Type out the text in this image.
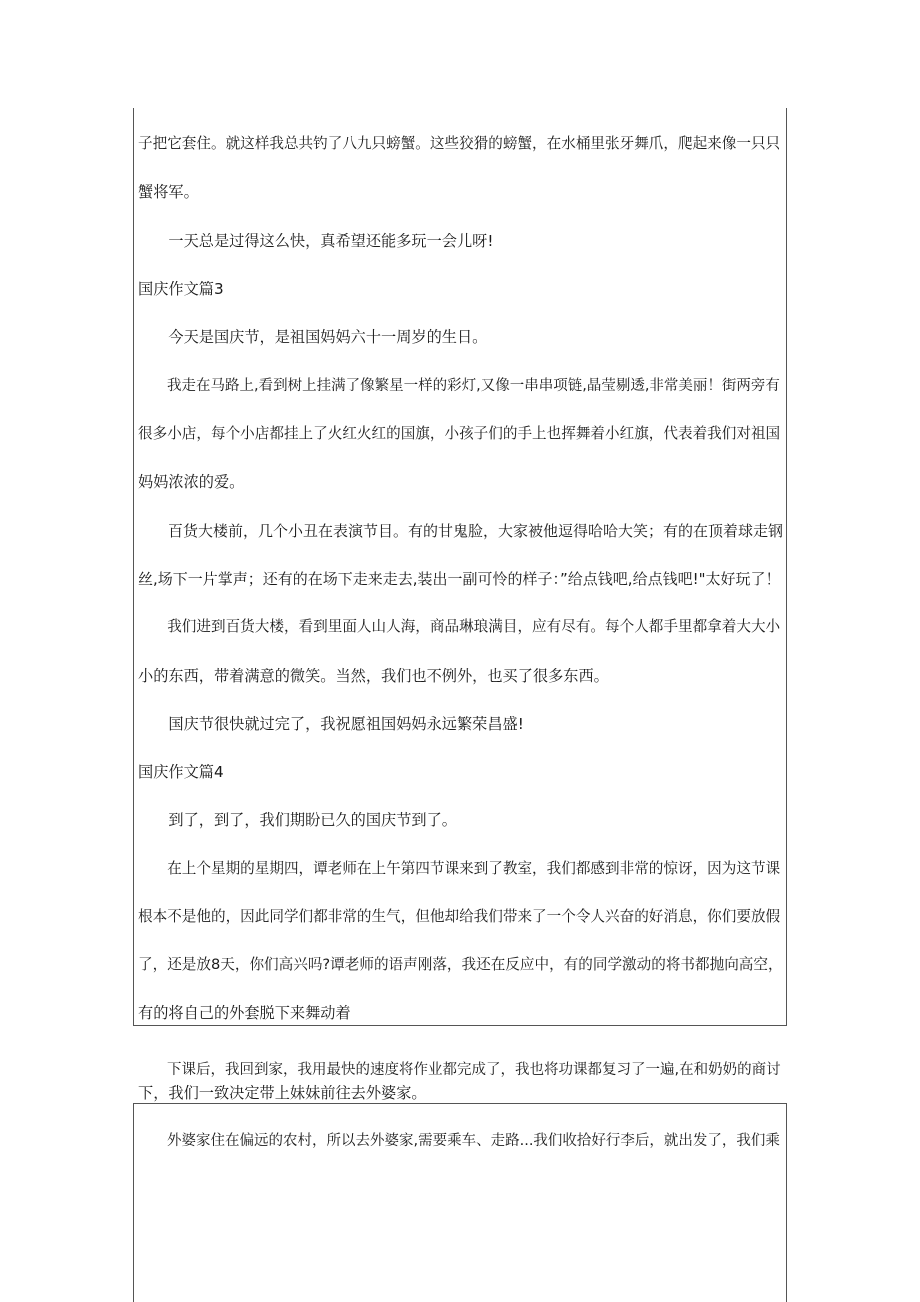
子把它套住。就这样我总共钓了八九只螃蟹。这些狡猾的螃蟹，在水桶里张牙舞爪，爬起来像一只只
蟹将军。
　　一天总是过得这么快，真希望还能多玩一会儿呀!
国庆作文篇3
　　今天是国庆节，是祖国妈妈六十一周岁的生日。
　　我走在马路上,看到树上挂满了像繁星一样的彩灯,又像一串串项链,晶莹剔透,非常美丽！街两旁有
很多小店，每个小店都挂上了火红火红的国旗，小孩子们的手上也挥舞着小红旗，代表着我们对祖国
妈妈浓浓的爱。
　　百货大楼前，几个小丑在表演节目。有的甘鬼脸，大家被他逗得哈哈大笑；有的在顶着球走钢
丝,场下一片掌声；还有的在场下走来走去,装出一副可怜的样子：”给点钱吧,给点钱吧!"太好玩了！
　　我们进到百货大楼，看到里面人山人海，商品琳琅满目，应有尽有。每个人都手里都拿着大大小
小的东西，带着满意的微笑。当然，我们也不例外，也买了很多东西。
　　国庆节很快就过完了，我祝愿祖国妈妈永远繁荣昌盛!
国庆作文篇4
　　到了，到了，我们期盼已久的国庆节到了。
　　在上个星期的星期四，谭老师在上午第四节课来到了教室，我们都感到非常的惊讶，因为这节课
根本不是他的，因此同学们都非常的生气，但他却给我们带来了一个令人兴奋的好消息，你们要放假
了，还是放8天，你们高兴吗?谭老师的语声刚落，我还在反应中，有的同学激动的将书都抛向高空，
有的将自己的外套脱下来舞动着
　　下课后，我回到家，我用最快的速度将作业都完成了，我也将功课都复习了一遍,在和奶奶的商讨
下，我们一致决定带上妹妹前往去外婆家。
　　外婆家住在偏远的农村，所以去外婆家,需要乘车、走路...我们收拾好行李后，就出发了，我们乘
